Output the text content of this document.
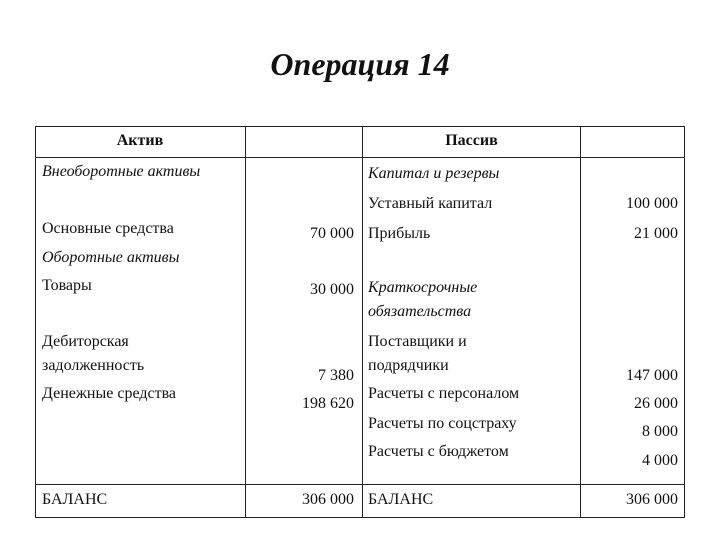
Операция 14
Актив	Пассив
Внеоборотные активы
Основные средства
Оборотные активы
Товары
Дебиторская задолженность
Денежные средства
БАЛАНС
70 000
30 000
7 380
198 620
306 000
Капитал и резервы
Уставный капитал
Прибыль
Краткосрочные обязательства
Поставщики и подрядчики
Расчеты с персоналом
Расчеты по соцстраху
Расчеты с бюджетом
БАЛАНС
100 000
21 000
147 000
26 000
8 000
4 000
306 000
